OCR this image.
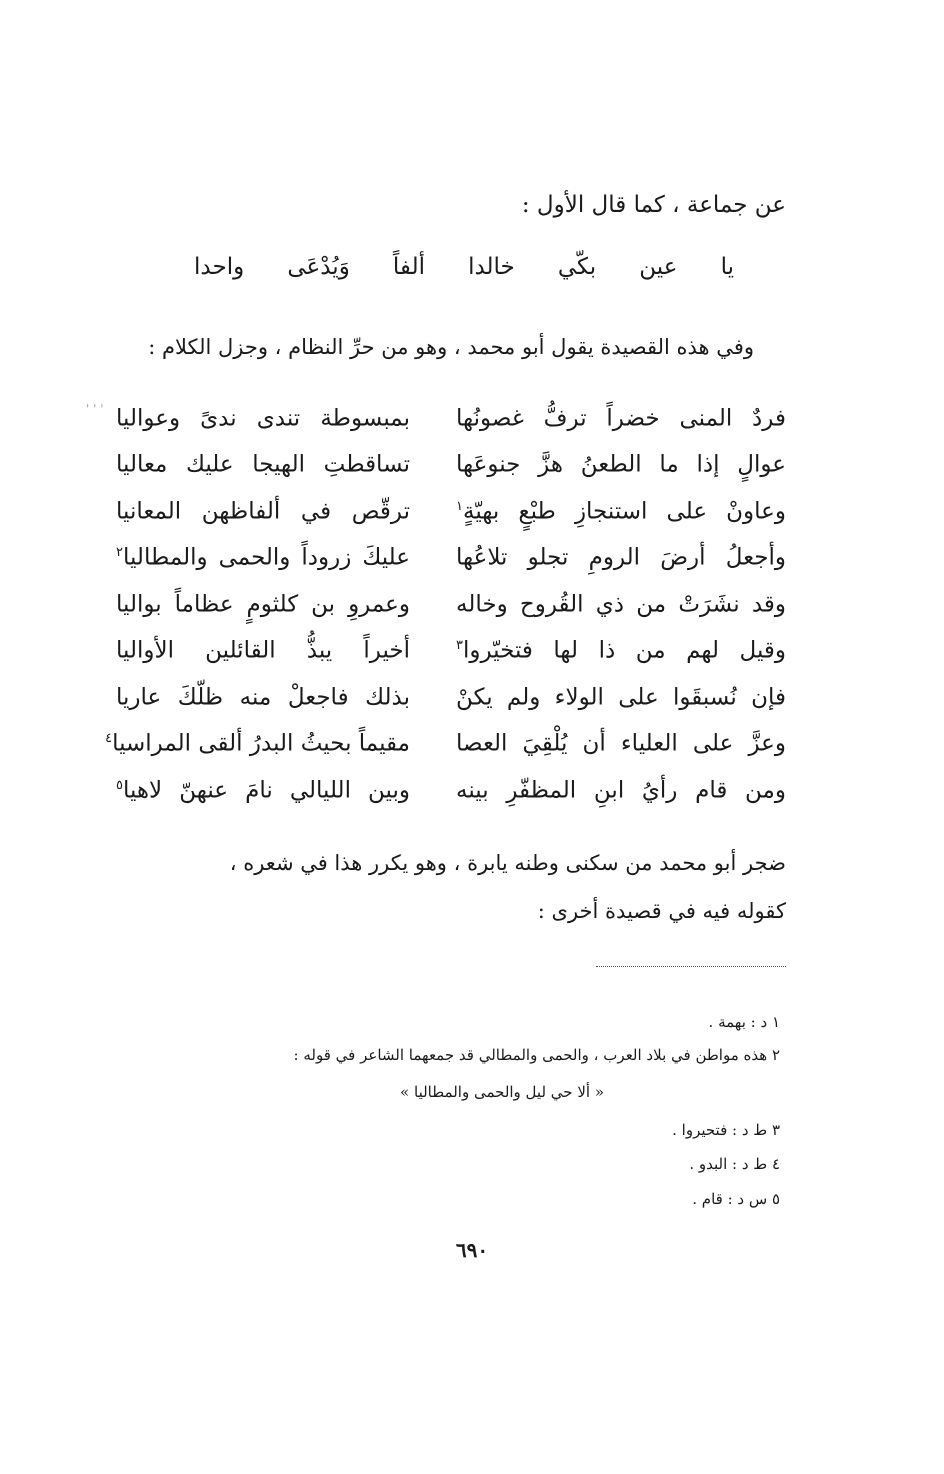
عن جماعة ، كما قال الأول :
يا
عين
بكّي
خالدا
ألفاً
وَيُدْعَى
واحدا
وفي هذه القصيدة يقول أبو محمد ، وهو من حرِّ النظام ، وجزل الكلام :
' ' '	فردٌ المنى خضراً ترفُّ غصونُها
بمبسوطة تندى ندىً وعواليا
عوالٍ إذا ما الطعنُ هزَّ جنوعَها
تساقطتِ الهيجا عليك معاليا
وعاونْ على استنجازِ طبْعٍ بهيّةٍ$^١$
ترقّص في ألفاظهن المعانيا
وأجعلُ أرضَ الرومِ تجلو تلاعُها
عليكَ زروداً والحمى والمطاليا$^٢$
وقد نشَرَتْ من ذي القُروح وخاله
وعمروِ بن كلثومٍ عظاماً بواليا
وقيل لهم من ذا لها فتخيّروا$^٣$
أخيراً يبذُّ القائلين الأواليا
فإن نُسبقَوا على الولاء ولم يكنْ
بذلك فاجعلْ منه ظلّكَ عاريا
وعزَّ على العلياء أن يُلْقِيَ العصا
مقيماً بحيثُ البدرُ ألقى المراسيا$^٤$
ومن قام رأيُ ابنِ المظفّرِ بينه
وبين الليالي نامَ عنهنّ لاهيا$^٥$
ضجر أبو محمد من سكنى وطنه يابرة ، وهو يكرر هذا في شعره ،
كقوله فيه في قصيدة أخرى :
١ د : بهمة .
٢ هذه مواطن في بلاد العرب ، والحمى والمطالي قد جمعهما الشاعر في قوله :
« ألا حي ليل والحمى والمطاليا »
٣ ط د : فتحيروا .
٤ ط د : البدو .
٥ س د : قام .
٦٩٠
